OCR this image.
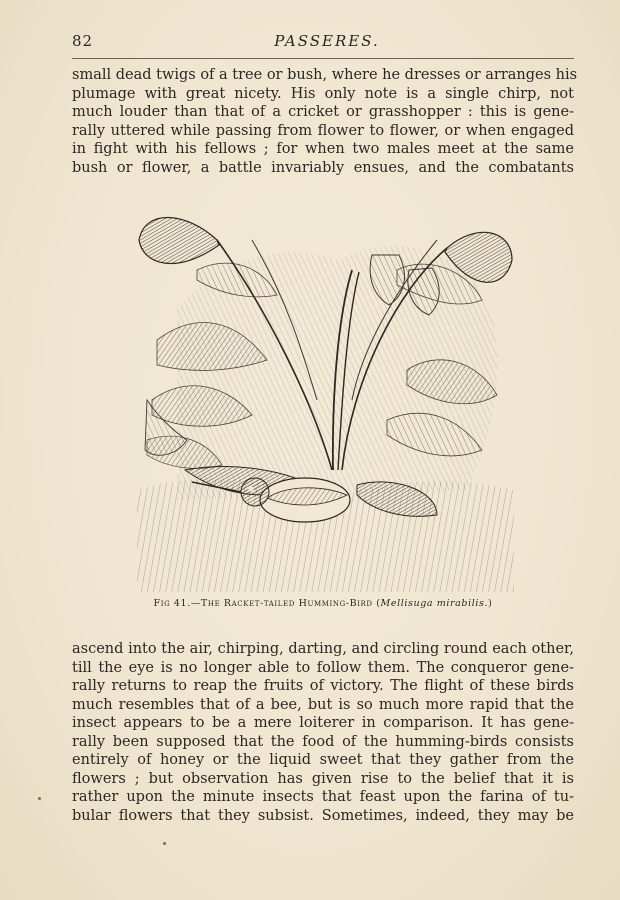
82	PASSERES.
small dead twigs of a tree or bush, where he dresses or arranges his
plumage with great nicety. His only note is a single chirp, not
much louder than that of a cricket or grasshopper : this is gene-
rally uttered while passing from flower to flower, or when engaged
in fight with his fellows ; for when two males meet at the same
bush or flower, a battle invariably ensues, and the combatants
Fig 41.—The Racket-tailed Humming-Bird (Mellisuga mirabilis.)
ascend into the air, chirping, darting, and circling round each other,
till the eye is no longer able to follow them. The conqueror gene-
rally returns to reap the fruits of victory. The flight of these birds
much resembles that of a bee, but is so much more rapid that the
insect appears to be a mere loiterer in comparison. It has gene-
rally been supposed that the food of the humming-birds consists
entirely of honey or the liquid sweet that they gather from the
flowers ; but observation has given rise to the belief that it is
rather upon the minute insects that feast upon the farina of tu-
bular flowers that they subsist. Sometimes, indeed, they may be
